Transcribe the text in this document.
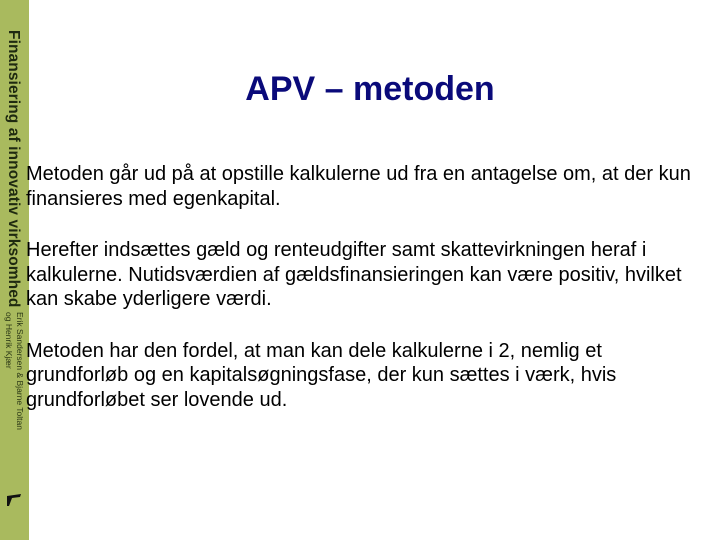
Finansiering af innovativ virksomhed
Erik Sandersen & Bjarne Toltan
og Henrik Kjær
APV – metoden
Metoden går ud på at opstille kalkulerne ud fra en antagelse om, at der kun finansieres med egenkapital.
Herefter indsættes gæld og renteudgifter samt skattevirkningen heraf i kalkulerne. Nutidsværdien af gældsfinansieringen kan være positiv, hvilket kan skabe yderligere værdi.
Metoden har den fordel, at man kan dele kalkulerne i 2, nemlig et grundforløb og en kapitalsøgningsfase, der kun sættes i værk, hvis grundforløbet ser lovende ud.
